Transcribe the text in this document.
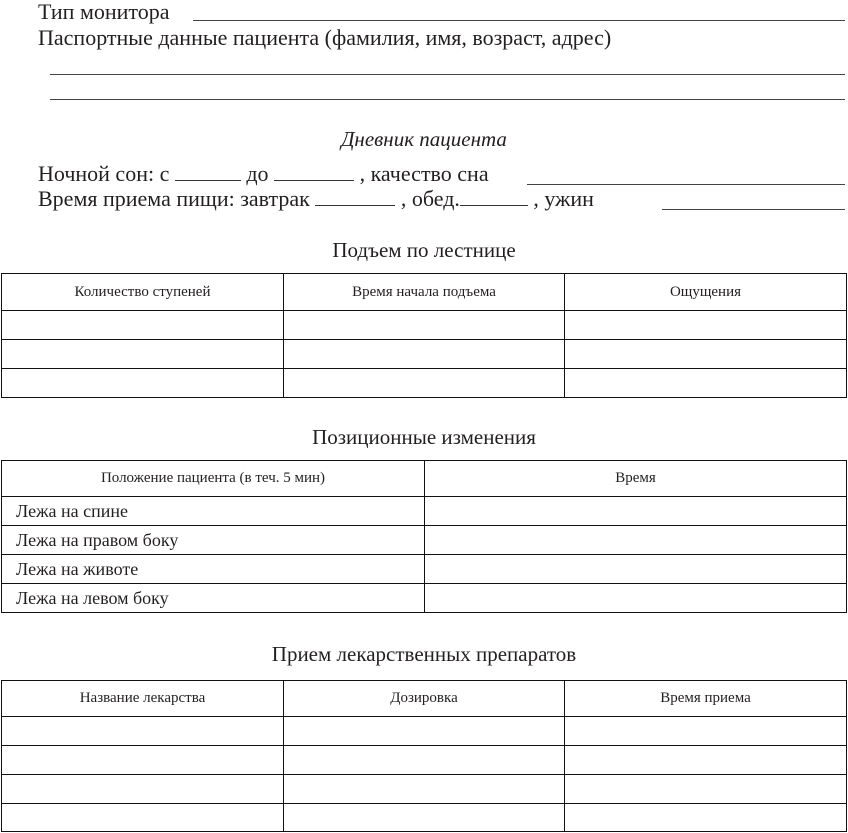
Тип монитора
Паспортные данные пациента (фамилия, имя, возраст, адрес)
Дневник пациента
Ночной сон: с	до	, качество сна
Время приема пищи: завтрак	, обед.	, ужин
Подъем по лестнице
Количество ступеней	Время начала подъема	Ощущения

Позиционные изменения
Положение пациента (в теч. 5 мин)	Время
Лежа на спине	
Лежа на правом боку	
Лежа на животе	
Лежа на левом боку	
Прием лекарственных препаратов
Название лекарства	Дозировка	Время приема
